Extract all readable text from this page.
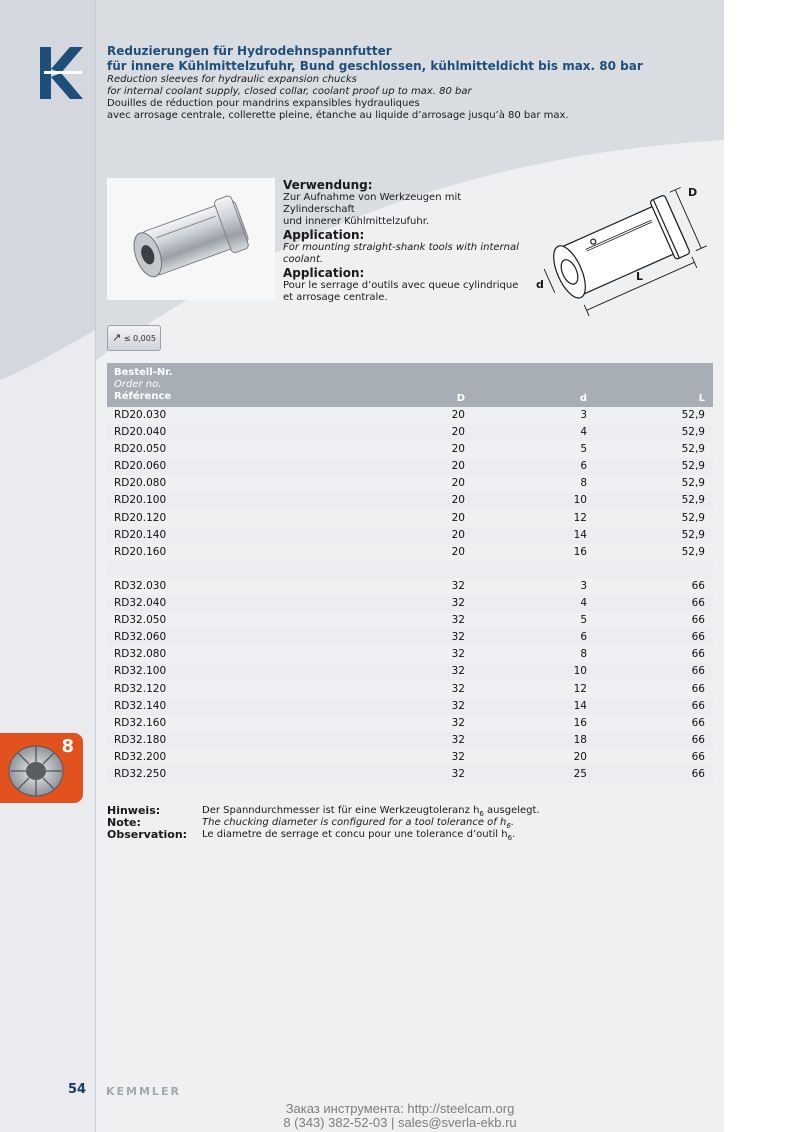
Reduzierungen für Hydrodehnspannfutter
für innere Kühlmittelzufuhr, Bund geschlossen, kühlmitteldicht bis max. 80 bar
Reduction sleeves for hydraulic expansion chucks
for internal coolant supply, closed collar, coolant proof up to max. 80 bar
Douilles de réduction pour mandrins expansibles hydrauliques
avec arrosage centrale, collerette pleine, étanche au liquide d’arrosage jusqu’à 80 bar max.
Verwendung:
Zur Aufnahme von Werkzeugen mit Zylinderschaft
und innerer Kühlmittelzufuhr.
Application:
For mounting straight-shank tools with internal
coolant.
Application:
Pour le serrage d’outils avec queue cylindrique
et arrosage centrale.
L
D
d
↗ ≤ 0,005
Bestell-Nr.
Order no.
Référence	D	d	L
RD20.030	20	3	52,9
RD20.040	20	4	52,9
RD20.050	20	5	52,9
RD20.060	20	6	52,9
RD20.080	20	8	52,9
RD20.100	20	10	52,9
RD20.120	20	12	52,9
RD20.140	20	14	52,9
RD20.160	20	16	52,9
RD32.030	32	3	66
RD32.040	32	4	66
RD32.050	32	5	66
RD32.060	32	6	66
RD32.080	32	8	66
RD32.100	32	10	66
RD32.120	32	12	66
RD32.140	32	14	66
RD32.160	32	16	66
RD32.180	32	18	66
RD32.200	32	20	66
RD32.250	32	25	66
Hinweis:	Der Spanndurchmesser ist für eine Werkzeugtoleranz $h_6$ ausgelegt.
Note:	The chucking diameter is configured for a tool tolerance of $h_6$.
Observation: Le diametre de serrage et concu pour une tolerance d’outil $h_6$.
8
54 KEMMLER
Заказ инструмента: http://steelcam.org
8 (343) 382-52-03 | sales@sverla-ekb.ru
